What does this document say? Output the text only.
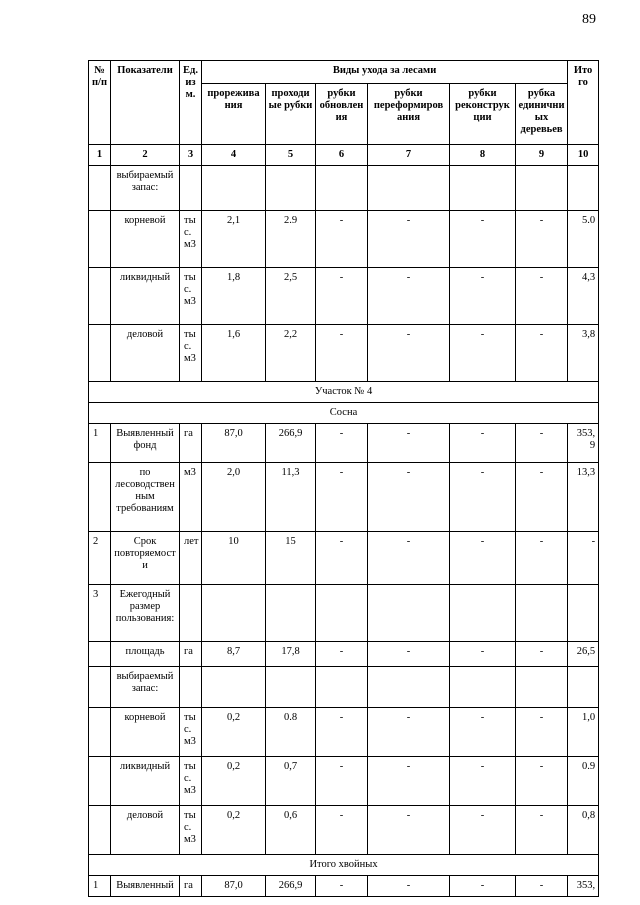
89
№ п/п	Показатели	Ед. из м.	Виды ухода за лесами						Ито го
			прорежива ния	проходи ые рубки	рубки обновлен ия	рубки переформиров ания	рубки реконструк ции	рубка единични ых деревьев	
1	2	3	4	5	6	7	8	9	10
	выбираемый запас:								
	корневой	ты с. м3	2,1	2.9	-	-	-	-	5.0
	ликвидный	ты с. м3	1,8	2,5	-	-	-	-	4,3
	деловой	ты с. м3	1,6	2,2	-	-	-	-	3,8
Участок № 4									
Сосна									
1	Выявленный фонд	га	87,0	266,9	-	-	-	-	353, 9
	по лесоводствен ным требованиям	м3	2,0	11,3	-	-	-	-	13,3
2	Срок повторяемост и	лет	10	15	-	-	-	-	-
3	Ежегодный размер пользования:								
	площадь	га	8,7	17,8	-	-	-	-	26,5
	выбираемый запас:								
	корневой	ты с. м3	0,2	0.8	-	-	-	-	1,0
	ликвидный	ты с. м3	0,2	0,7	-	-	-	-	0.9
	деловой	ты с. м3	0,2	0,6	-	-	-	-	0,8
Итого хвойных									
1	Выявленный	га	87,0	266,9	-	-	-	-	353,
